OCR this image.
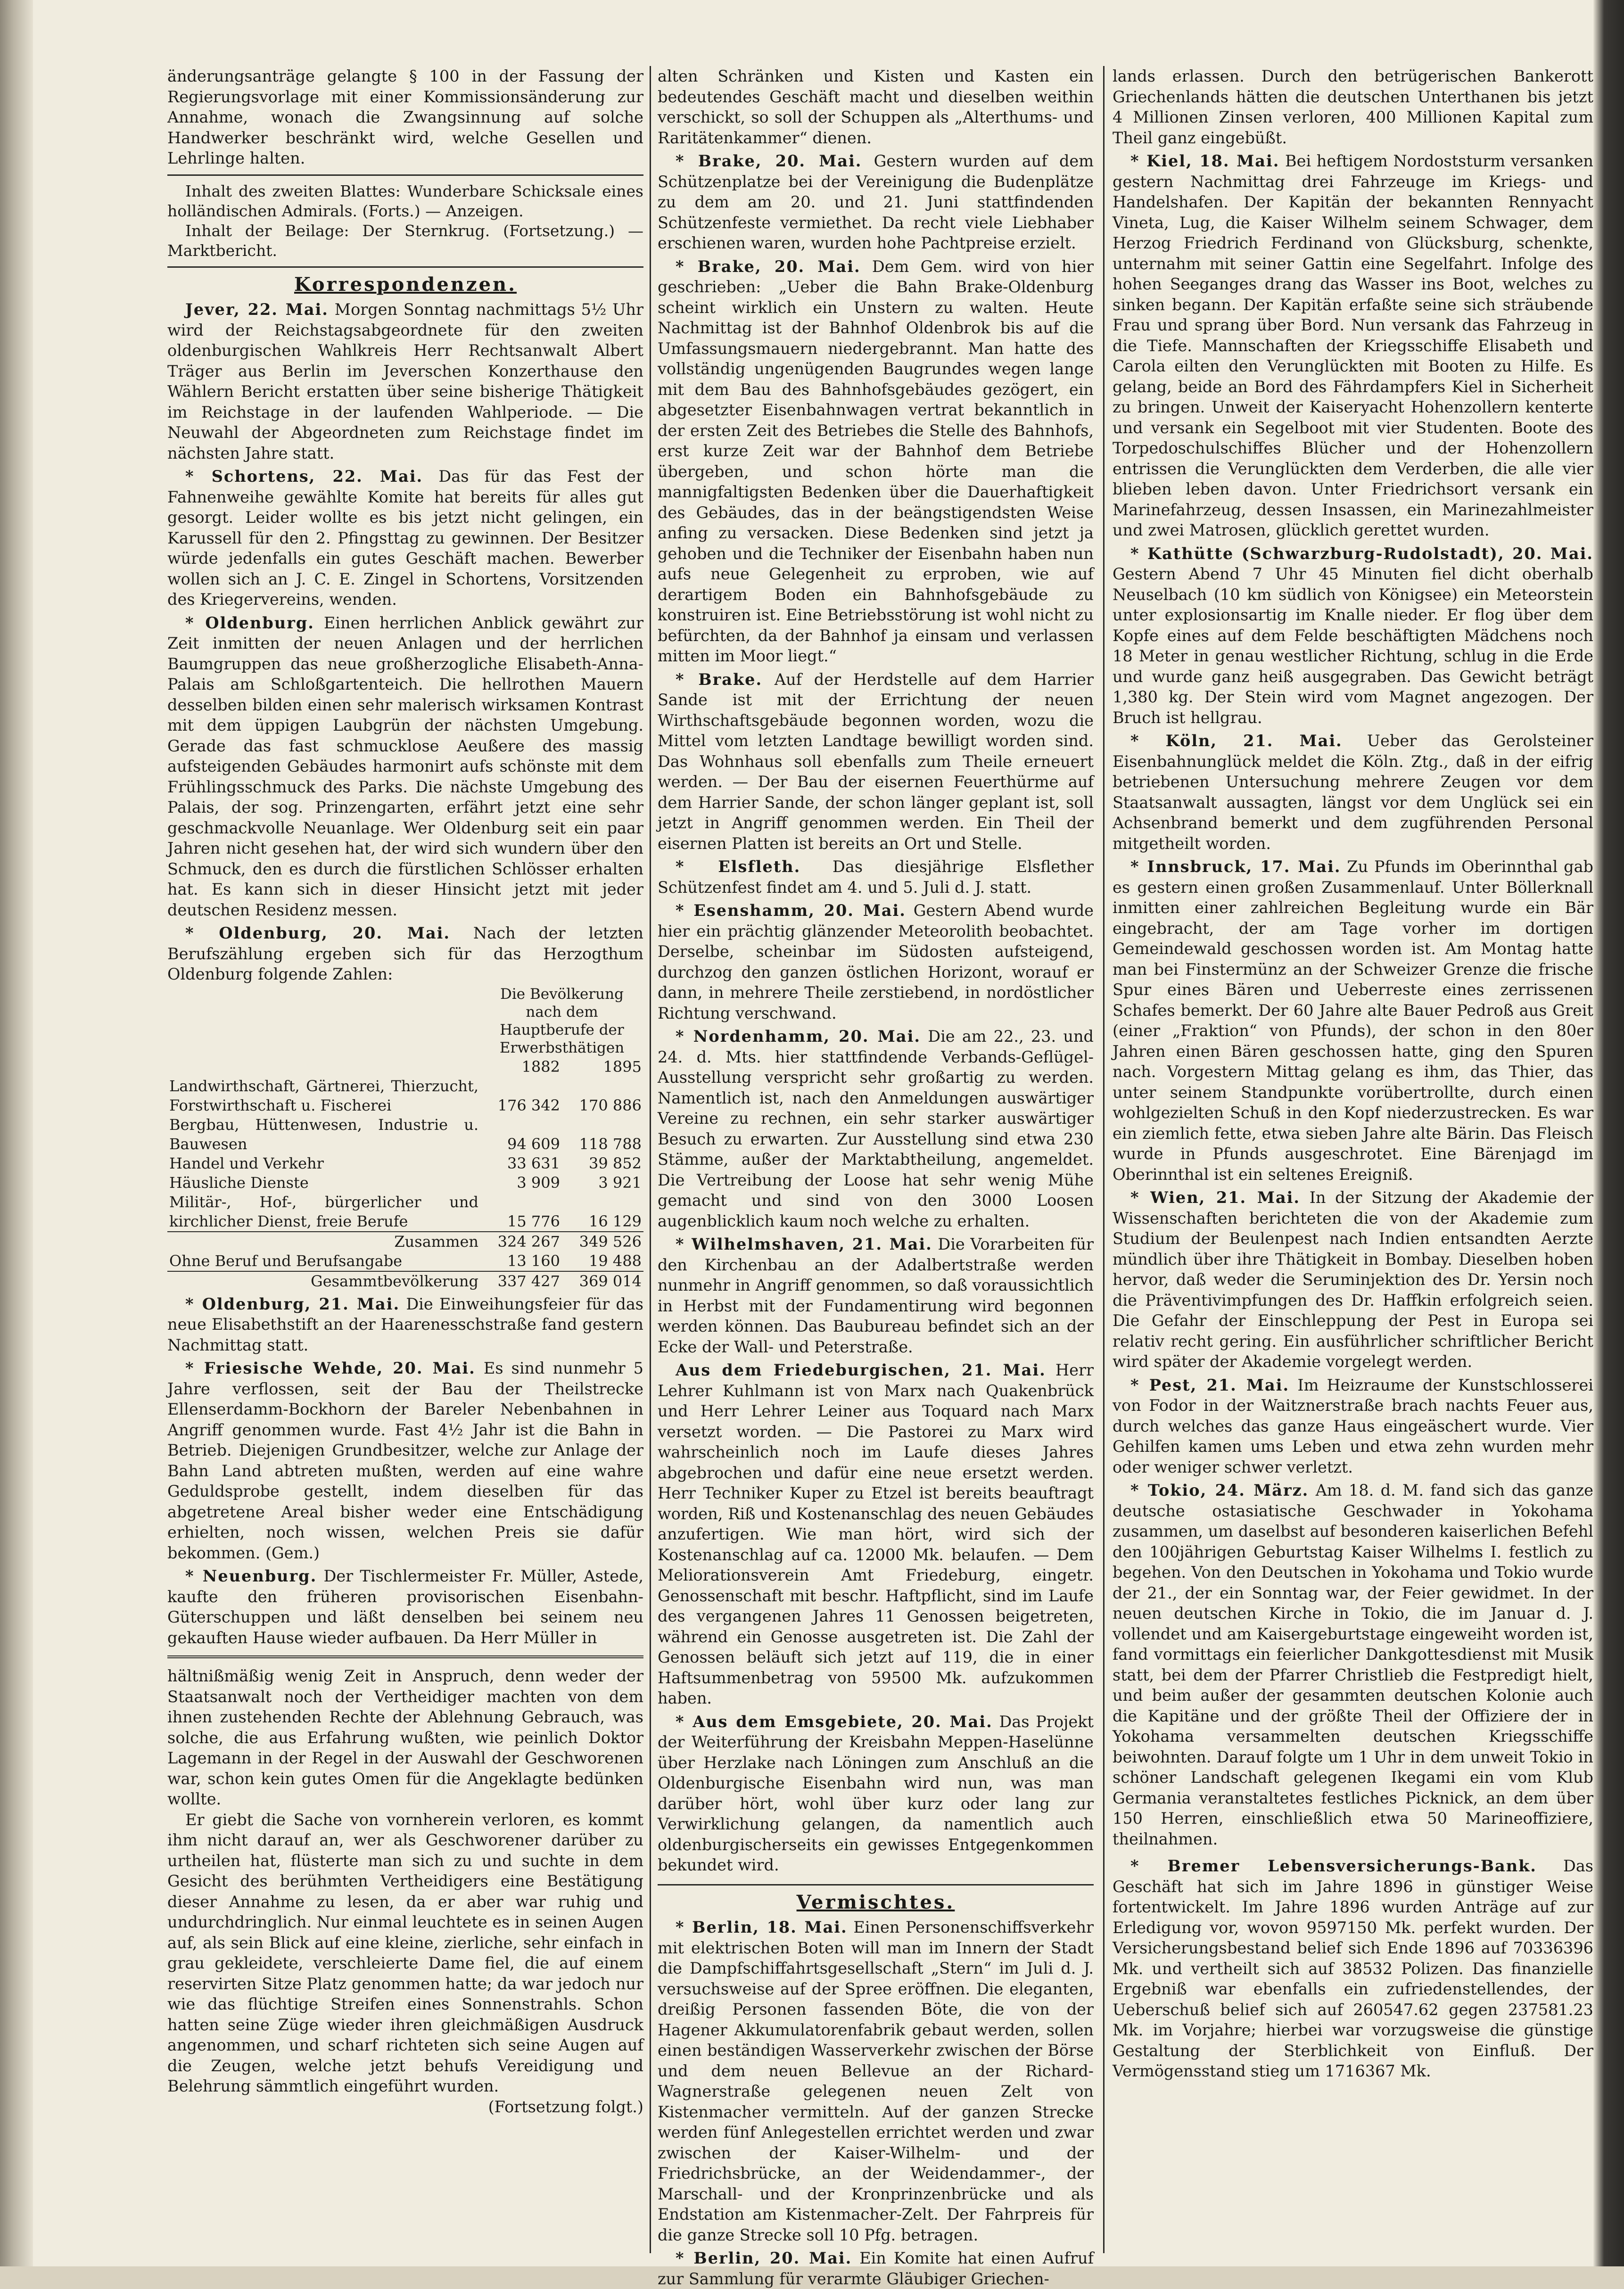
änderungsanträge gelangte § 100 in der Fassung der Regierungsvorlage mit einer Kommissionsänderung zur Annahme, wonach die Zwangsinnung auf solche Handwerker beschränkt wird, welche Gesellen und Lehrlinge halten.

Inhalt des zweiten Blattes: Wunderbare Schicksale eines holländischen Admirals. (Forts.) — Anzeigen.

Inhalt der Beilage: Der Sternkrug. (Fortsetzung.) — Marktbericht.

Korrespondenzen.

Jever, 22. Mai. Morgen Sonntag nachmittags 5½ Uhr wird der Reichstagsabgeordnete für den zweiten oldenburgischen Wahlkreis Herr Rechtsanwalt Albert Träger aus Berlin im Jeverschen Konzerthause den Wählern Bericht erstatten über seine bisherige Thätigkeit im Reichstage in der laufenden Wahlperiode. — Die Neuwahl der Abgeordneten zum Reichstage findet im nächsten Jahre statt.

* Schortens, 22. Mai. Das für das Fest der Fahnenweihe gewählte Komite hat bereits für alles gut gesorgt. Leider wollte es bis jetzt nicht gelingen, ein Karussell für den 2. Pfingsttag zu gewinnen. Der Besitzer würde jedenfalls ein gutes Geschäft machen. Bewerber wollen sich an J. C. E. Zingel in Schortens, Vorsitzenden des Kriegervereins, wenden.

* Oldenburg. Einen herrlichen Anblick gewährt zur Zeit inmitten der neuen Anlagen und der herrlichen Baumgruppen das neue großherzogliche Elisabeth-Anna-Palais am Schloßgartenteich. Die hellrothen Mauern desselben bilden einen sehr malerisch wirksamen Kontrast mit dem üppigen Laubgrün der nächsten Umgebung. Gerade das fast schmucklose Aeußere des massig aufsteigenden Gebäudes harmonirt aufs schönste mit dem Frühlingsschmuck des Parks. Die nächste Umgebung des Palais, der sog. Prinzengarten, erfährt jetzt eine sehr geschmackvolle Neuanlage. Wer Oldenburg seit ein paar Jahren nicht gesehen hat, der wird sich wundern über den Schmuck, den es durch die fürstlichen Schlösser erhalten hat. Es kann sich in dieser Hinsicht jetzt mit jeder deutschen Residenz messen.

* Oldenburg, 20. Mai. Nach der letzten Berufszählung ergeben sich für das Herzogthum Oldenburg folgende Zahlen:

	Die Bevölkerung nach dem Hauptberufe der Erwerbsthätigen	
	1882	1895
Landwirthschaft, Gärtnerei, Thierzucht, Forstwirthschaft u. Fischerei	176 342	170 886
Bergbau, Hüttenwesen, Industrie u. Bauwesen	94 609	118 788
Handel und Verkehr	33 631	39 852
Häusliche Dienste	3 909	3 921
Militär-, Hof-, bürgerlicher und kirchlicher Dienst, freie Berufe	15 776	16 129
Zusammen	324 267	349 526
Ohne Beruf und Berufsangabe	13 160	19 488
Gesammtbevölkerung	337 427	369 014

* Oldenburg, 21. Mai. Die Einweihungsfeier für das neue Elisabethstift an der Haarenesschstraße fand gestern Nachmittag statt.

* Friesische Wehde, 20. Mai. Es sind nunmehr 5 Jahre verflossen, seit der Bau der Theilstrecke Ellenserdamm-Bockhorn der Bareler Nebenbahnen in Angriff genommen wurde. Fast 4½ Jahr ist die Bahn in Betrieb. Diejenigen Grundbesitzer, welche zur Anlage der Bahn Land abtreten mußten, werden auf eine wahre Geduldsprobe gestellt, indem dieselben für das abgetretene Areal bisher weder eine Entschädigung erhielten, noch wissen, welchen Preis sie dafür bekommen. (Gem.)

* Neuenburg. Der Tischlermeister Fr. Müller, Astede, kaufte den früheren provisorischen Eisenbahn-Güterschuppen und läßt denselben bei seinem neu gekauften Hause wieder aufbauen. Da Herr Müller in

hältnißmäßig wenig Zeit in Anspruch, denn weder der Staatsanwalt noch der Vertheidiger machten von dem ihnen zustehenden Rechte der Ablehnung Gebrauch, was solche, die aus Erfahrung wußten, wie peinlich Doktor Lagemann in der Regel in der Auswahl der Geschworenen war, schon kein gutes Omen für die Angeklagte bedünken wollte.

Er giebt die Sache von vornherein verloren, es kommt ihm nicht darauf an, wer als Geschworener darüber zu urtheilen hat, flüsterte man sich zu und suchte in dem Gesicht des berühmten Vertheidigers eine Bestätigung dieser Annahme zu lesen, da er aber war ruhig und undurchdringlich. Nur einmal leuchtete es in seinen Augen auf, als sein Blick auf eine kleine, zierliche, sehr einfach in grau gekleidete, verschleierte Dame fiel, die auf einem reservirten Sitze Platz genommen hatte; da war jedoch nur wie das flüchtige Streifen eines Sonnenstrahls. Schon hatten seine Züge wieder ihren gleichmäßigen Ausdruck angenommen, und scharf richteten sich seine Augen auf die Zeugen, welche jetzt behufs Vereidigung und Belehrung sämmtlich eingeführt wurden.

(Fortsetzung folgt.)

alten Schränken und Kisten und Kasten ein bedeutendes Geschäft macht und dieselben weithin verschickt, so soll der Schuppen als „Alterthums- und Raritätenkammer“ dienen.

* Brake, 20. Mai. Gestern wurden auf dem Schützenplatze bei der Vereinigung die Budenplätze zu dem am 20. und 21. Juni stattfindenden Schützenfeste vermiethet. Da recht viele Liebhaber erschienen waren, wurden hohe Pachtpreise erzielt.

* Brake, 20. Mai. Dem Gem. wird von hier geschrieben: „Ueber die Bahn Brake-Oldenburg scheint wirklich ein Unstern zu walten. Heute Nachmittag ist der Bahnhof Oldenbrok bis auf die Umfassungsmauern niedergebrannt. Man hatte des vollständig ungenügenden Baugrundes wegen lange mit dem Bau des Bahnhofsgebäudes gezögert, ein abgesetzter Eisenbahnwagen vertrat bekanntlich in der ersten Zeit des Betriebes die Stelle des Bahnhofs, erst kurze Zeit war der Bahnhof dem Betriebe übergeben, und schon hörte man die mannigfaltigsten Bedenken über die Dauerhaftigkeit des Gebäudes, das in der beängstigendsten Weise anfing zu versacken. Diese Bedenken sind jetzt ja gehoben und die Techniker der Eisenbahn haben nun aufs neue Gelegenheit zu erproben, wie auf derartigem Boden ein Bahnhofsgebäude zu konstruiren ist. Eine Betriebsstörung ist wohl nicht zu befürchten, da der Bahnhof ja einsam und verlassen mitten im Moor liegt.“

* Brake. Auf der Herdstelle auf dem Harrier Sande ist mit der Errichtung der neuen Wirthschaftsgebäude begonnen worden, wozu die Mittel vom letzten Landtage bewilligt worden sind. Das Wohnhaus soll ebenfalls zum Theile erneuert werden. — Der Bau der eisernen Feuerthürme auf dem Harrier Sande, der schon länger geplant ist, soll jetzt in Angriff genommen werden. Ein Theil der eisernen Platten ist bereits an Ort und Stelle.

* Elsfleth. Das diesjährige Elsflether Schützenfest findet am 4. und 5. Juli d. J. statt.

* Esenshamm, 20. Mai. Gestern Abend wurde hier ein prächtig glänzender Meteorolith beobachtet. Derselbe, scheinbar im Südosten aufsteigend, durchzog den ganzen östlichen Horizont, worauf er dann, in mehrere Theile zerstiebend, in nordöstlicher Richtung verschwand.

* Nordenhamm, 20. Mai. Die am 22., 23. und 24. d. Mts. hier stattfindende Verbands-Geflügel-Ausstellung verspricht sehr großartig zu werden. Namentlich ist, nach den Anmeldungen auswärtiger Vereine zu rechnen, ein sehr starker auswärtiger Besuch zu erwarten. Zur Ausstellung sind etwa 230 Stämme, außer der Marktabtheilung, angemeldet. Die Vertreibung der Loose hat sehr wenig Mühe gemacht und sind von den 3000 Loosen augenblicklich kaum noch welche zu erhalten.

* Wilhelmshaven, 21. Mai. Die Vorarbeiten für den Kirchenbau an der Adalbertstraße werden nunmehr in Angriff genommen, so daß voraussichtlich in Herbst mit der Fundamentirung wird begonnen werden können. Das Baubureau befindet sich an der Ecke der Wall- und Peterstraße.

Aus dem Friedeburgischen, 21. Mai. Herr Lehrer Kuhlmann ist von Marx nach Quakenbrück und Herr Lehrer Leiner aus Toquard nach Marx versetzt worden. — Die Pastorei zu Marx wird wahrscheinlich noch im Laufe dieses Jahres abgebrochen und dafür eine neue ersetzt werden. Herr Techniker Kuper zu Etzel ist bereits beauftragt worden, Riß und Kostenanschlag des neuen Gebäudes anzufertigen. Wie man hört, wird sich der Kostenanschlag auf ca. 12000 Mk. belaufen. — Dem Meliorationsverein Amt Friedeburg, eingetr. Genossenschaft mit beschr. Haftpflicht, sind im Laufe des vergangenen Jahres 11 Genossen beigetreten, während ein Genosse ausgetreten ist. Die Zahl der Genossen beläuft sich jetzt auf 119, die in einer Haftsummenbetrag von 59500 Mk. aufzukommen haben.

* Aus dem Emsgebiete, 20. Mai. Das Projekt der Weiterführung der Kreisbahn Meppen-Haselünne über Herzlake nach Löningen zum Anschluß an die Oldenburgische Eisenbahn wird nun, was man darüber hört, wohl über kurz oder lang zur Verwirklichung gelangen, da namentlich auch oldenburgischerseits ein gewisses Entgegenkommen bekundet wird.

Vermischtes.

* Berlin, 18. Mai. Einen Personenschiffsverkehr mit elektrischen Boten will man im Innern der Stadt die Dampfschiffahrtsgesellschaft „Stern“ im Juli d. J. versuchsweise auf der Spree eröffnen. Die eleganten, dreißig Personen fassenden Böte, die von der Hagener Akkumulatorenfabrik gebaut werden, sollen einen beständigen Wasserverkehr zwischen der Börse und dem neuen Bellevue an der Richard-Wagnerstraße gelegenen neuen Zelt von Kistenmacher vermitteln. Auf der ganzen Strecke werden fünf Anlegestellen errichtet werden und zwar zwischen der Kaiser-Wilhelm- und der Friedrichsbrücke, an der Weidendammer-, der Marschall- und der Kronprinzenbrücke und als Endstation am Kistenmacher-Zelt. Der Fahrpreis für die ganze Strecke soll 10 Pfg. betragen.

* Berlin, 20. Mai. Ein Komite hat einen Aufruf zur Sammlung für verarmte Gläubiger Griechen-

lands erlassen. Durch den betrügerischen Bankerott Griechenlands hätten die deutschen Unterthanen bis jetzt 4 Millionen Zinsen verloren, 400 Millionen Kapital zum Theil ganz eingebüßt.

* Kiel, 18. Mai. Bei heftigem Nordoststurm versanken gestern Nachmittag drei Fahrzeuge im Kriegs- und Handelshafen. Der Kapitän der bekannten Rennyacht Vineta, Lug, die Kaiser Wilhelm seinem Schwager, dem Herzog Friedrich Ferdinand von Glücksburg, schenkte, unternahm mit seiner Gattin eine Segelfahrt. Infolge des hohen Seeganges drang das Wasser ins Boot, welches zu sinken begann. Der Kapitän erfaßte seine sich sträubende Frau und sprang über Bord. Nun versank das Fahrzeug in die Tiefe. Mannschaften der Kriegsschiffe Elisabeth und Carola eilten den Verunglückten mit Booten zu Hilfe. Es gelang, beide an Bord des Fährdampfers Kiel in Sicherheit zu bringen. Unweit der Kaiseryacht Hohenzollern kenterte und versank ein Segelboot mit vier Studenten. Boote des Torpedoschulschiffes Blücher und der Hohenzollern entrissen die Verunglückten dem Verderben, die alle vier blieben leben davon. Unter Friedrichsort versank ein Marinefahrzeug, dessen Insassen, ein Marinezahlmeister und zwei Matrosen, glücklich gerettet wurden.

* Kathütte (Schwarzburg-Rudolstadt), 20. Mai. Gestern Abend 7 Uhr 45 Minuten fiel dicht oberhalb Neuselbach (10 km südlich von Königsee) ein Meteorstein unter explosionsartig im Knalle nieder. Er flog über dem Kopfe eines auf dem Felde beschäftigten Mädchens noch 18 Meter in genau westlicher Richtung, schlug in die Erde und wurde ganz heiß ausgegraben. Das Gewicht beträgt 1,380 kg. Der Stein wird vom Magnet angezogen. Der Bruch ist hellgrau.

* Köln, 21. Mai. Ueber das Gerolsteiner Eisenbahnunglück meldet die Köln. Ztg., daß in der eifrig betriebenen Untersuchung mehrere Zeugen vor dem Staatsanwalt aussagten, längst vor dem Unglück sei ein Achsenbrand bemerkt und dem zugführenden Personal mitgetheilt worden.

* Innsbruck, 17. Mai. Zu Pfunds im Oberinnthal gab es gestern einen großen Zusammenlauf. Unter Böllerknall inmitten einer zahlreichen Begleitung wurde ein Bär eingebracht, der am Tage vorher im dortigen Gemeindewald geschossen worden ist. Am Montag hatte man bei Finstermünz an der Schweizer Grenze die frische Spur eines Bären und Ueberreste eines zerrissenen Schafes bemerkt. Der 60 Jahre alte Bauer Pedroß aus Greit (einer „Fraktion“ von Pfunds), der schon in den 80er Jahren einen Bären geschossen hatte, ging den Spuren nach. Vorgestern Mittag gelang es ihm, das Thier, das unter seinem Standpunkte vorübertrollte, durch einen wohlgezielten Schuß in den Kopf niederzustrecken. Es war ein ziemlich fette, etwa sieben Jahre alte Bärin. Das Fleisch wurde in Pfunds ausgeschrotet. Eine Bärenjagd im Oberinnthal ist ein seltenes Ereigniß.

* Wien, 21. Mai. In der Sitzung der Akademie der Wissenschaften berichteten die von der Akademie zum Studium der Beulenpest nach Indien entsandten Aerzte mündlich über ihre Thätigkeit in Bombay. Dieselben hoben hervor, daß weder die Seruminjektion des Dr. Yersin noch die Präventivimpfungen des Dr. Haffkin erfolgreich seien. Die Gefahr der Einschleppung der Pest in Europa sei relativ recht gering. Ein ausführlicher schriftlicher Bericht wird später der Akademie vorgelegt werden.

* Pest, 21. Mai. Im Heizraume der Kunstschlosserei von Fodor in der Waitznerstraße brach nachts Feuer aus, durch welches das ganze Haus eingeäschert wurde. Vier Gehilfen kamen ums Leben und etwa zehn wurden mehr oder weniger schwer verletzt.

* Tokio, 24. März. Am 18. d. M. fand sich das ganze deutsche ostasiatische Geschwader in Yokohama zusammen, um daselbst auf besonderen kaiserlichen Befehl den 100jährigen Geburtstag Kaiser Wilhelms I. festlich zu begehen. Von den Deutschen in Yokohama und Tokio wurde der 21., der ein Sonntag war, der Feier gewidmet. In der neuen deutschen Kirche in Tokio, die im Januar d. J. vollendet und am Kaisergeburtstage eingeweiht worden ist, fand vormittags ein feierlicher Dankgottesdienst mit Musik statt, bei dem der Pfarrer Christlieb die Festpredigt hielt, und beim außer der gesammten deutschen Kolonie auch die Kapitäne und der größte Theil der Offiziere der in Yokohama versammelten deutschen Kriegsschiffe beiwohnten. Darauf folgte um 1 Uhr in dem unweit Tokio in schöner Landschaft gelegenen Ikegami ein vom Klub Germania veranstaltetes festliches Picknick, an dem über 150 Herren, einschließlich etwa 50 Marineoffiziere, theilnahmen.

* Bremer Lebensversicherungs-Bank. Das Geschäft hat sich im Jahre 1896 in günstiger Weise fortentwickelt. Im Jahre 1896 wurden Anträge auf zur Erledigung vor, wovon 9597150 Mk. perfekt wurden. Der Versicherungsbestand belief sich Ende 1896 auf 70336396 Mk. und vertheilt sich auf 38532 Polizen. Das finanzielle Ergebniß war ebenfalls ein zufriedenstellendes, der Ueberschuß belief sich auf 260547.62 gegen 237581.23 Mk. im Vorjahre; hierbei war vorzugsweise die günstige Gestaltung der Sterblichkeit von Einfluß. Der Vermögensstand stieg um 1716367 Mk.
